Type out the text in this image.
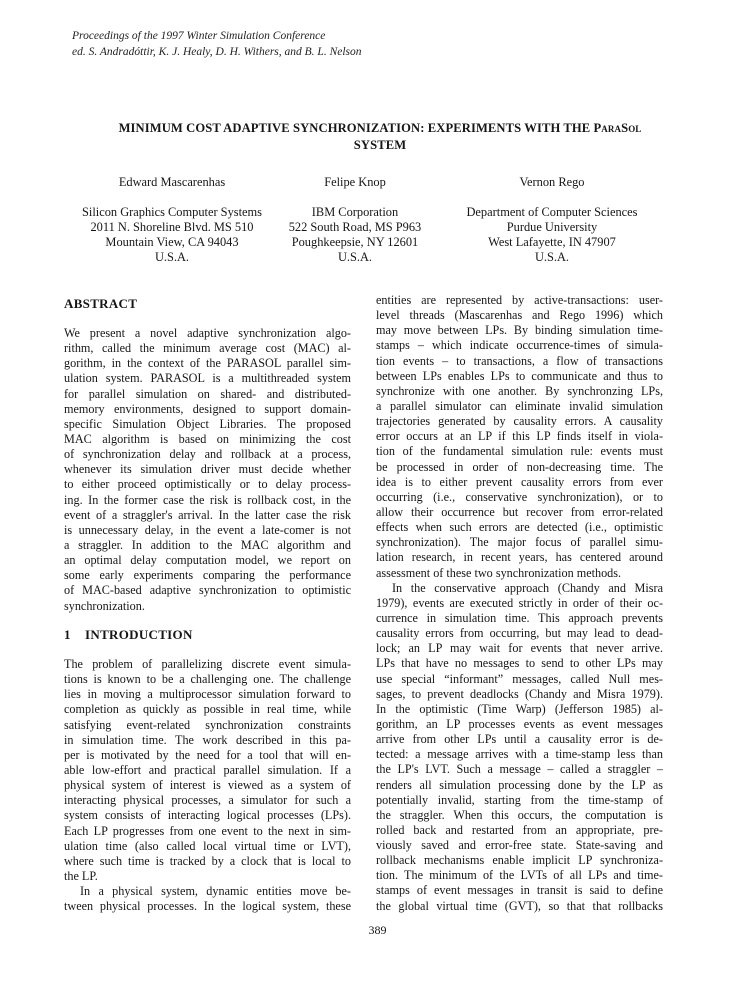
Proceedings of the 1997 Winter Simulation Conference
ed. S. Andradóttir, K. J. Healy, D. H. Withers, and B. L. Nelson
MINIMUM COST ADAPTIVE SYNCHRONIZATION: EXPERIMENTS WITH THE ParaSol
SYSTEM
Edward Mascarenhas
Silicon Graphics Computer Systems
2011 N. Shoreline Blvd. MS 510
Mountain View, CA 94043
U.S.A.
Felipe Knop
IBM Corporation
522 South Road, MS P963
Poughkeepsie, NY 12601
U.S.A.
Vernon Rego
Department of Computer Sciences
Purdue University
West Lafayette, IN 47907
U.S.A.
ABSTRACT
We present a novel adaptive synchronization algo-
rithm, called the minimum average cost (MAC) al-
gorithm, in the context of the PARASOL parallel sim-
ulation system. PARASOL is a multithreaded system
for parallel simulation on shared- and distributed-
memory environments, designed to support domain-
specific Simulation Object Libraries. The proposed
MAC algorithm is based on minimizing the cost
of synchronization delay and rollback at a process,
whenever its simulation driver must decide whether
to either proceed optimistically or to delay process-
ing. In the former case the risk is rollback cost, in the
event of a straggler's arrival. In the latter case the risk
is unnecessary delay, in the event a late-comer is not
a straggler. In addition to the MAC algorithm and
an optimal delay computation model, we report on
some early experiments comparing the performance
of MAC-based adaptive synchronization to optimistic
synchronization.
1 INTRODUCTION
The problem of parallelizing discrete event simula-
tions is known to be a challenging one. The challenge
lies in moving a multiprocessor simulation forward to
completion as quickly as possible in real time, while
satisfying event-related synchronization constraints
in simulation time. The work described in this pa-
per is motivated by the need for a tool that will en-
able low-effort and practical parallel simulation. If a
physical system of interest is viewed as a system of
interacting physical processes, a simulator for such a
system consists of interacting logical processes (LPs).
Each LP progresses from one event to the next in sim-
ulation time (also called local virtual time or LVT),
where such time is tracked by a clock that is local to
the LP.
In a physical system, dynamic entities move be-
tween physical processes. In the logical system, these
entities are represented by active-transactions: user-
level threads (Mascarenhas and Rego 1996) which
may move between LPs. By binding simulation time-
stamps – which indicate occurrence-times of simula-
tion events – to transactions, a flow of transactions
between LPs enables LPs to communicate and thus to
synchronize with one another. By synchronzing LPs,
a parallel simulator can eliminate invalid simulation
trajectories generated by causality errors. A causality
error occurs at an LP if this LP finds itself in viola-
tion of the fundamental simulation rule: events must
be processed in order of non-decreasing time. The
idea is to either prevent causality errors from ever
occurring (i.e., conservative synchronization), or to
allow their occurrence but recover from error-related
effects when such errors are detected (i.e., optimistic
synchronization). The major focus of parallel simu-
lation research, in recent years, has centered around
assessment of these two synchronization methods.
In the conservative approach (Chandy and Misra
1979), events are executed strictly in order of their oc-
currence in simulation time. This approach prevents
causality errors from occurring, but may lead to dead-
lock; an LP may wait for events that never arrive.
LPs that have no messages to send to other LPs may
use special “informant” messages, called Null mes-
sages, to prevent deadlocks (Chandy and Misra 1979).
In the optimistic (Time Warp) (Jefferson 1985) al-
gorithm, an LP processes events as event messages
arrive from other LPs until a causality error is de-
tected: a message arrives with a time-stamp less than
the LP's LVT. Such a message – called a straggler –
renders all simulation processing done by the LP as
potentially invalid, starting from the time-stamp of
the straggler. When this occurs, the computation is
rolled back and restarted from an appropriate, pre-
viously saved and error-free state. State-saving and
rollback mechanisms enable implicit LP synchroniza-
tion. The minimum of the LVTs of all LPs and time-
stamps of event messages in transit is said to define
the global virtual time (GVT), so that that rollbacks
389
